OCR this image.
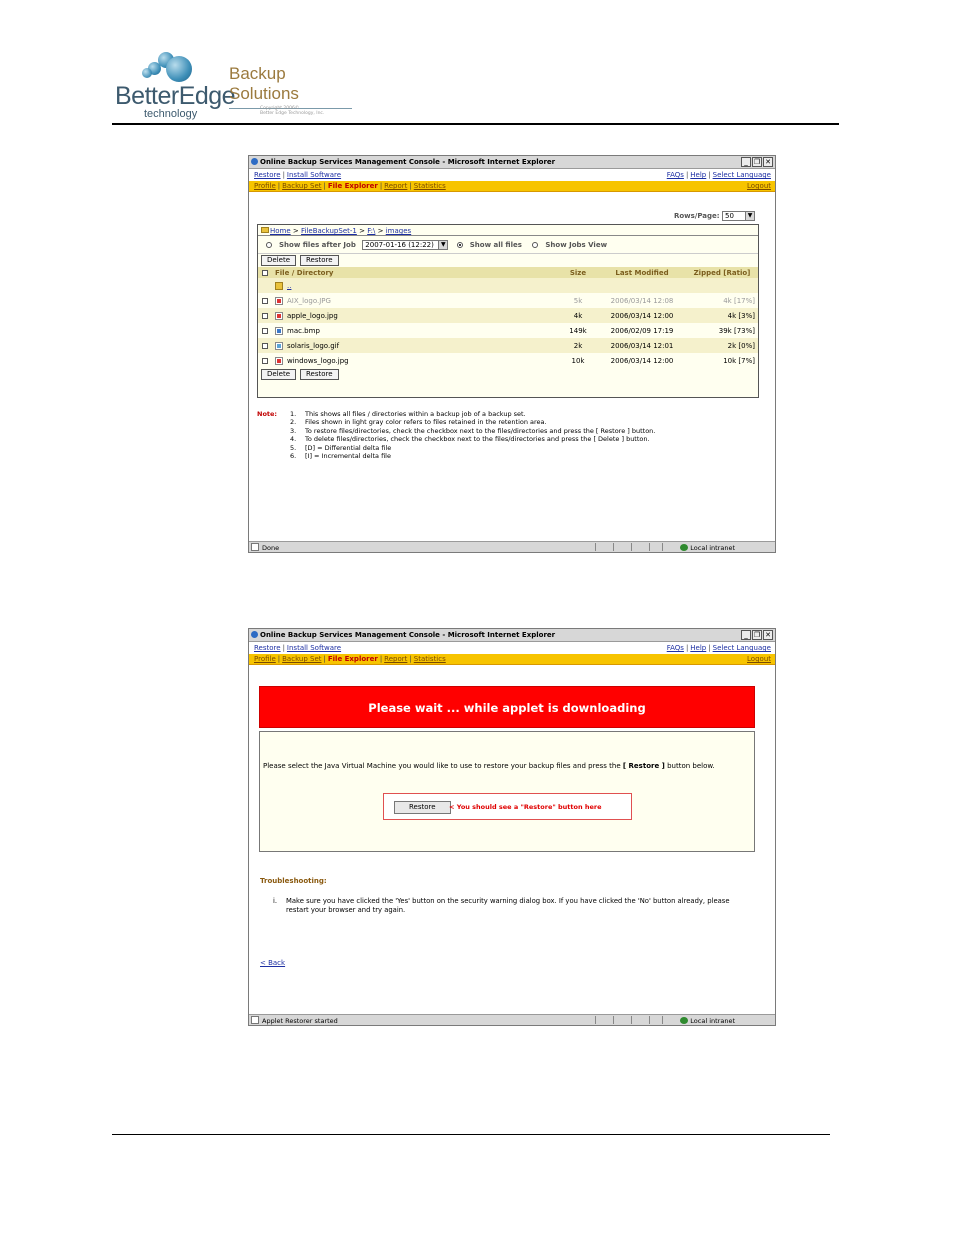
BetterEdge
technology
Backup Solutions
Copyright 2006©
Better Edge Technology, Inc.
Online Backup Services Management Console - Microsoft Internet Explorer	_ ❐ ✕
Restore | Install Software	FAQs | Help | Select Language
Profile | Backup Set | File Explorer | Report | Statistics	Logout
Rows/Page: 50	▼
Home > FileBackupSet-1 > F:\ > images
Show files after Job 2007-01-16 (12:22)	▼	Show all files	Show Jobs View
Delete	Restore
	File / Directory	Size	Last Modified	Zipped [Ratio]
	..			
	AIX_logo.JPG	5k	2006/03/14 12:08	4k [17%]
	apple_logo.jpg	4k	2006/03/14 12:00	4k [3%]
	mac.bmp	149k	2006/02/09 17:19	39k [73%]
	solaris_logo.gif	2k	2006/03/14 12:01	2k [0%]
	windows_logo.jpg	10k	2006/03/14 12:00	10k [7%]
Delete	Restore
Note:	1. This shows all files / directories within a backup job of a backup set.
2. Files shown in light gray color refers to files retained in the retention area.
3. To restore files/directories, check the checkbox next to the files/directories and press the [ Restore ] button.
4. To delete files/directories, check the checkbox next to the files/directories and press the [ Delete ] button.
5. [D] = Differential delta file
6. [I] = Incremental delta file
Done	Local intranet
Online Backup Services Management Console - Microsoft Internet Explorer	_ ❐ ✕
Restore | Install Software	FAQs | Help | Select Language
Profile | Backup Set | File Explorer | Report | Statistics	Logout
Please wait ... while applet is downloading
Please select the Java Virtual Machine you would like to use to restore your backup files and press the [ Restore ] button below.
Restore	< You should see a "Restore" button here
Troubleshooting:
i.	Make sure you have clicked the 'Yes' button on the security warning dialog box. If you have clicked the 'No' button already, please restart your browser and try again.
< Back
Applet Restorer started	Local intranet
